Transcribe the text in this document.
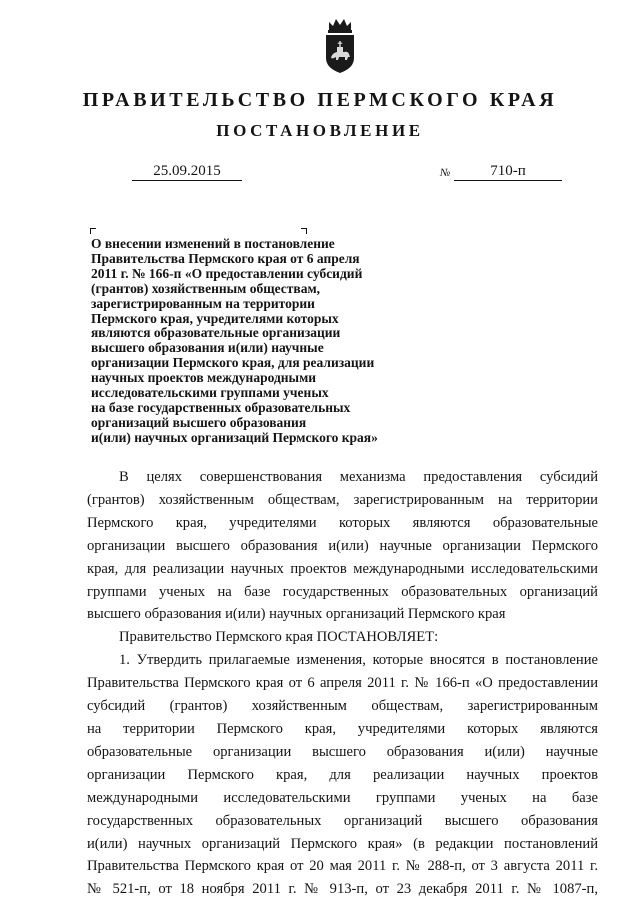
ПРАВИТЕЛЬСТВО ПЕРМСКОГО КРАЯ
ПОСТАНОВЛЕНИЕ
25.09.2015	№	710-п
О внесении изменений в постановление
Правительства Пермского края от 6 апреля
2011 г. № 166-п «О предоставлении субсидий
(грантов) хозяйственным обществам,
зарегистрированным на территории
Пермского края, учредителями которых
являются образовательные организации
высшего образования и(или) научные
организации Пермского края, для реализации
научных проектов международными
исследовательскими группами ученых
на базе государственных образовательных
организаций высшего образования
и(или) научных организаций Пермского края»
В целях совершенствования механизма предоставления субсидий
(грантов) хозяйственным обществам, зарегистрированным на территории
Пермского края, учредителями которых являются образовательные
организации высшего образования и(или) научные организации Пермского
края, для реализации научных проектов международными исследовательскими
группами ученых на базе государственных образовательных организаций
высшего образования и(или) научных организаций Пермского края
Правительство Пермского края ПОСТАНОВЛЯЕТ:
1. Утвердить прилагаемые изменения, которые вносятся в постановление
Правительства Пермского края от 6 апреля 2011 г. № 166-п «О предоставлении
субсидий (грантов) хозяйственным обществам, зарегистрированным
на территории Пермского края, учредителями которых являются
образовательные организации высшего образования и(или) научные
организации Пермского края, для реализации научных проектов
международными исследовательскими группами ученых на базе
государственных образовательных организаций высшего образования
и(или) научных организаций Пермского края» (в редакции постановлений
Правительства Пермского края от 20 мая 2011 г. № 288-п, от 3 августа 2011 г.
№ 521-п, от 18 ноября 2011 г. № 913-п, от 23 декабря 2011 г. № 1087-п,
